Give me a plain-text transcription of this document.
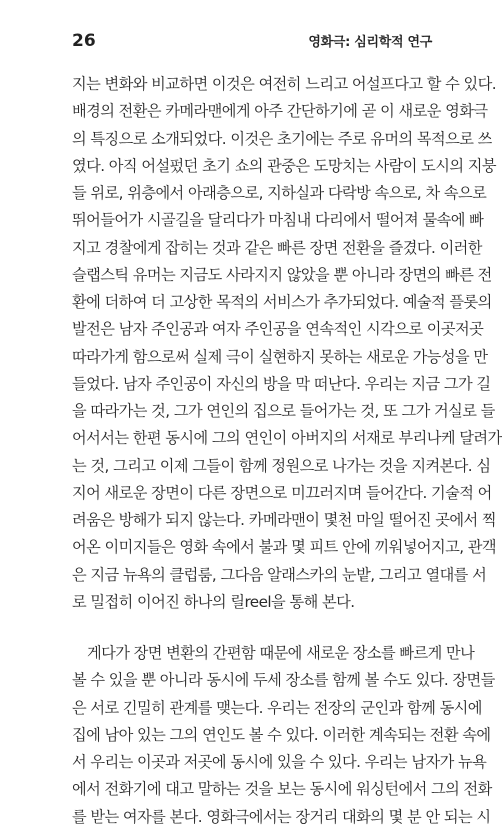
26	영화극: 심리학적 연구
지는 변화와 비교하면 이것은 여전히 느리고 어설프다고 할 수 있다.
배경의 전환은 카메라맨에게 아주 간단하기에 곧 이 새로운 영화극
의 특징으로 소개되었다. 이것은 초기에는 주로 유머의 목적으로 쓰
였다. 아직 어설펐던 초기 쇼의 관중은 도망치는 사람이 도시의 지붕
들 위로, 위층에서 아래층으로, 지하실과 다락방 속으로, 차 속으로
뛰어들어가 시골길을 달리다가 마침내 다리에서 떨어져 물속에 빠
지고 경찰에게 잡히는 것과 같은 빠른 장면 전환을 즐겼다. 이러한
슬랩스틱 유머는 지금도 사라지지 않았을 뿐 아니라 장면의 빠른 전
환에 더하여 더 고상한 목적의 서비스가 추가되었다. 예술적 플롯의
발전은 남자 주인공과 여자 주인공을 연속적인 시각으로 이곳저곳
따라가게 함으로써 실제 극이 실현하지 못하는 새로운 가능성을 만
들었다. 남자 주인공이 자신의 방을 막 떠난다. 우리는 지금 그가 길
을 따라가는 것, 그가 연인의 집으로 들어가는 것, 또 그가 거실로 들
어서서는 한편 동시에 그의 연인이 아버지의 서재로 부리나케 달려가
는 것, 그리고 이제 그들이 함께 정원으로 나가는 것을 지켜본다. 심
지어 새로운 장면이 다른 장면으로 미끄러지며 들어간다. 기술적 어
려움은 방해가 되지 않는다. 카메라맨이 몇천 마일 떨어진 곳에서 찍
어온 이미지들은 영화 속에서 불과 몇 피트 안에 끼워넣어지고, 관객
은 지금 뉴욕의 클럽룸, 그다음 알래스카의 눈밭, 그리고 열대를 서
로 밀접히 이어진 하나의 릴reel을 통해 본다.
게다가 장면 변환의 간편함 때문에 새로운 장소를 빠르게 만나
볼 수 있을 뿐 아니라 동시에 두세 장소를 함께 볼 수도 있다. 장면들
은 서로 긴밀히 관계를 맺는다. 우리는 전장의 군인과 함께 동시에
집에 남아 있는 그의 연인도 볼 수 있다. 이러한 계속되는 전환 속에
서 우리는 이곳과 저곳에 동시에 있을 수 있다. 우리는 남자가 뉴욕
에서 전화기에 대고 말하는 것을 보는 동시에 워싱턴에서 그의 전화
를 받는 여자를 본다. 영화극에서는 장거리 대화의 몇 분 안 되는 시
